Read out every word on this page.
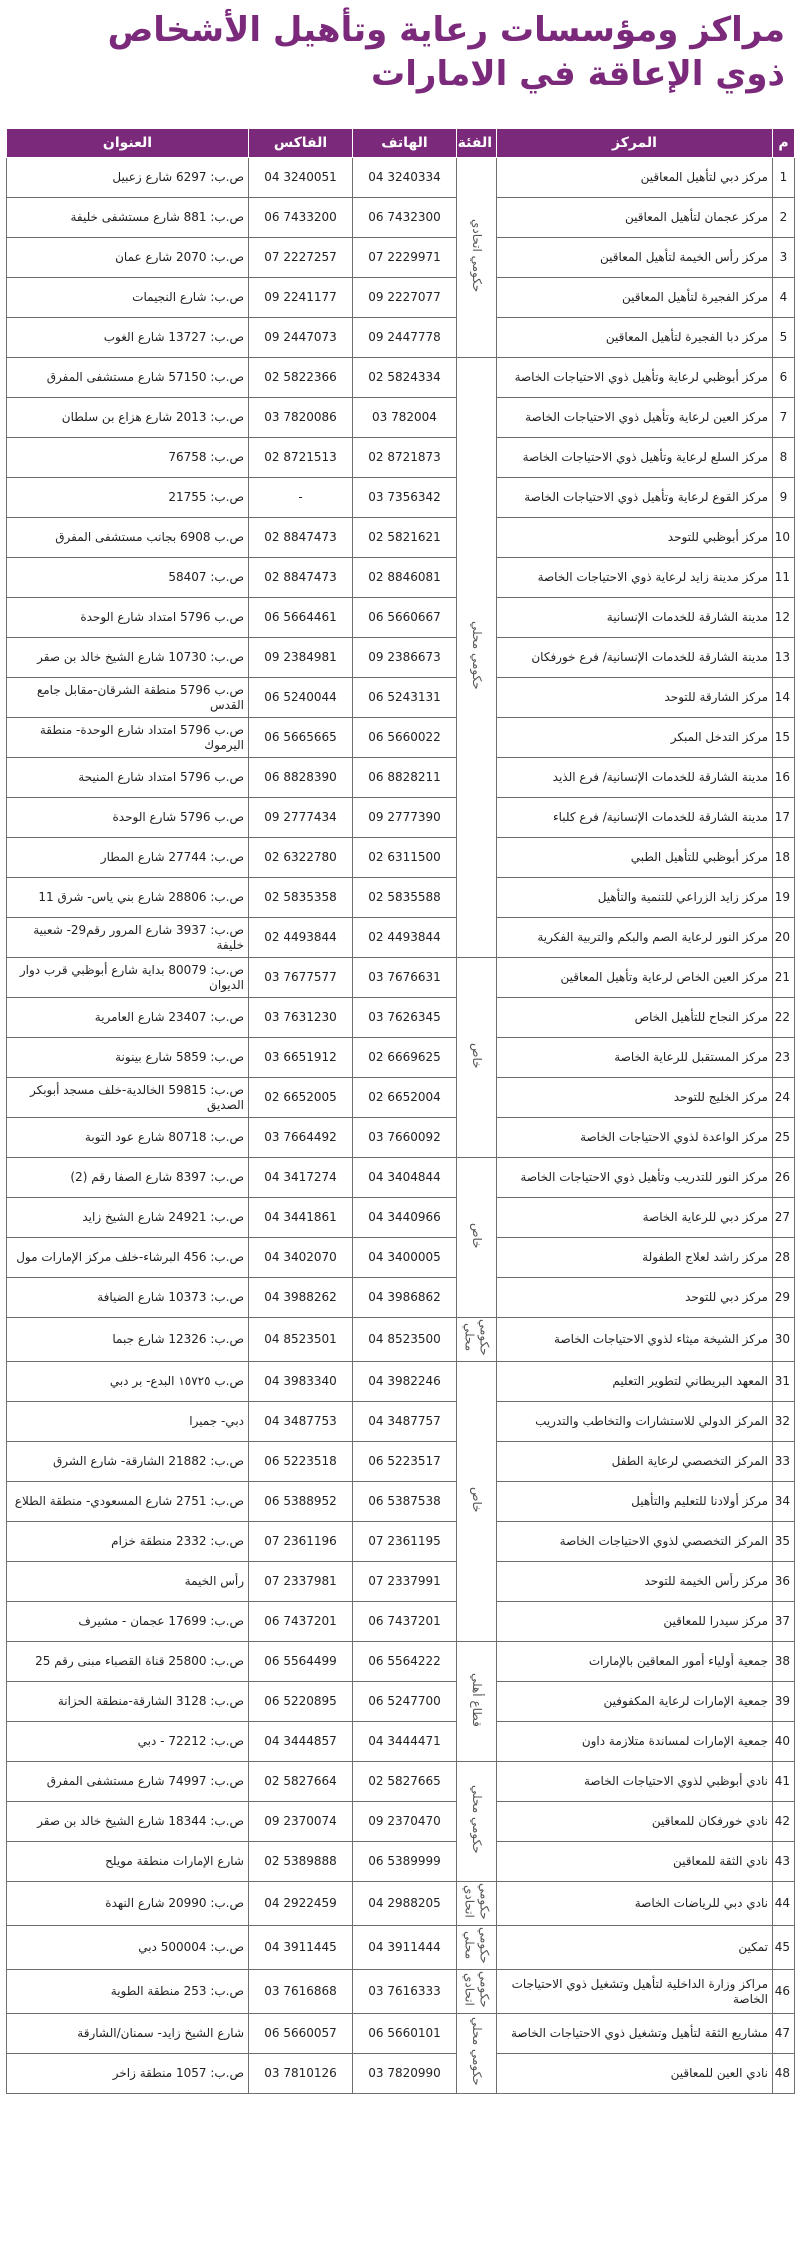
مراكز ومؤسسات رعاية وتأهيل الأشخاص
ذوي الإعاقة في الامارات
م	المركز	الفئة	الهاتف	الفاكس	العنوان
1	مركز دبي لتأهيل المعاقين	حكومي اتحادي	04 3240334	04 3240051	ص.ب: 6297 شارع زعبيل
2	مركز عجمان لتأهيل المعاقين		06 7432300	06 7433200	ص.ب: 881 شارع مستشفى خليفة
3	مركز رأس الخيمة لتأهيل المعاقين		07 2229971	07 2227257	ص.ب: 2070 شارع عمان
4	مركز الفجيرة لتأهيل المعاقين		09 2227077	09 2241177	ص.ب: شارع النجيمات
5	مركز دبا الفجيرة لتأهيل المعاقين		09 2447778	09 2447073	ص.ب: 13727 شارع الغوب
6	مركز أبوظبي لرعاية وتأهيل ذوي الاحتياجات الخاصة	حكومي محلي	02 5824334	02 5822366	ص.ب: 57150 شارع مستشفى المفرق
7	مركز العين لرعاية وتأهيل ذوي الاحتياجات الخاصة		03 782004	03 7820086	ص.ب: 2013 شارع هزاع بن سلطان
8	مركز السلع لرعاية وتأهيل ذوي الاحتياجات الخاصة		02 8721873	02 8721513	ص.ب: 76758
9	مركز القوع لرعاية وتأهيل ذوي الاحتياجات الخاصة		03 7356342	-	ص.ب: 21755
10	مركز أبوظبي للتوحد		02 5821621	02 8847473	ص.ب 6908 بجانب مستشفى المفرق
11	مركز مدينة زايد لرعاية ذوي الاحتياجات الخاصة		02 8846081	02 8847473	ص.ب: 58407
12	مدينة الشارقة للخدمات الإنسانية		06 5660667	06 5664461	ص.ب 5796 امتداد شارع الوحدة
13	مدينة الشارقة للخدمات الإنسانية/ فرع خورفكان		09 2386673	09 2384981	ص.ب: 10730 شارع الشيخ خالد بن صقر
14	مركز الشارقة للتوحد		06 5243131	06 5240044	ص.ب 5796 منطقة الشرقان-مقابل جامع القدس
15	مركز التدخل المبكر		06 5660022	06 5665665	ص.ب 5796 امتداد شارع الوحدة- منطقة اليرموك
16	مدينة الشارقة للخدمات الإنسانية/ فرع الذيد		06 8828211	06 8828390	ص.ب 5796 امتداد شارع المنيحة
17	مدينة الشارقة للخدمات الإنسانية/ فرع كلباء		09 2777390	09 2777434	ص.ب 5796 شارع الوحدة
18	مركز أبوظبي للتأهيل الطبي		02 6311500	02 6322780	ص.ب: 27744 شارع المطار
19	مركز زايد الزراعي للتنمية والتأهيل		02 5835588	02 5835358	ص.ب: 28806 شارع بني ياس- شرق 11
20	مركز النور لرعاية الصم والبكم والتربية الفكرية		02 4493844	02 4493844	ص.ب: 3937 شارع المرور رقم29- شعبية خليفة
21	مركز العين الخاص لرعاية وتأهيل المعاقين	خاص	03 7676631	03 7677577	ص.ب: 80079 بداية شارع أبوظبي قرب دوار الديوان
22	مركز النجاح للتأهيل الخاص		03 7626345	03 7631230	ص.ب: 23407 شارع العامرية
23	مركز المستقبل للرعاية الخاصة		02 6669625	03 6651912	ص.ب: 5859 شارع بينونة
24	مركز الخليج للتوحد		02 6652004	02 6652005	ص.ب: 59815 الخالدية-خلف مسجد أبوبكر الصديق
25	مركز الواعدة لذوي الاحتياجات الخاصة		03 7660092	03 7664492	ص.ب: 80718 شارع عود التوبة
26	مركز النور للتدريب وتأهيل ذوي الاحتياجات الخاصة	خاص	04 3404844	04 3417274	ص.ب: 8397 شارع الصفا رقم (2)
27	مركز دبي للرعاية الخاصة		04 3440966	04 3441861	ص.ب: 24921 شارع الشيخ زايد
28	مركز راشد لعلاج الطفولة		04 3400005	04 3402070	ص.ب: 456 البرشاء-خلف مركز الإمارات مول
29	مركز دبي للتوحد		04 3986862	04 3988262	ص.ب: 10373 شارع الضيافة
30	مركز الشيخة ميثاء لذوي الاحتياجات الخاصة	حكومي محلي	04 8523500	04 8523501	ص.ب: 12326 شارع جبما
31	المعهد البريطاني لتطوير التعليم	خاص	04 3982246	04 3983340	ص.ب ١٥٧٢٥ البدع- بر دبي
32	المركز الدولي للاستشارات والتخاطب والتدريب		04 3487757	04 3487753	دبي- جميرا
33	المركز التخصصي لرعاية الطفل		06 5223517	06 5223518	ص.ب: 21882 الشارقة- شارع الشرق
34	مركز أولادنا للتعليم والتأهيل		06 5387538	06 5388952	ص.ب: 2751 شارع المسعودي- منطقة الطلاع
35	المركز التخصصي لذوي الاحتياجات الخاصة		07 2361195	07 2361196	ص.ب: 2332 منطقة خزام
36	مركز رأس الخيمة للتوحد		07 2337991	07 2337981	رأس الخيمة
37	مركز سيدرا للمعاقين		06 7437201	06 7437201	ص.ب: 17699 عجمان - مشيرف
38	جمعية أولياء أمور المعاقين بالإمارات	قطاع أهلي	06 5564222	06 5564499	ص.ب: 25800 قناة القصباء مبنى رقم 25
39	جمعية الإمارات لرعاية المكفوفين		06 5247700	06 5220895	ص.ب: 3128 الشارقة-منطقة الحزانة
40	جمعية الإمارات لمساندة متلازمة داون		04 3444471	04 3444857	ص.ب: 72212 - دبي
41	نادي أبوظبي لذوي الاحتياجات الخاصة	حكومي محلي	02 5827665	02 5827664	ص.ب: 74997 شارع مستشفى المفرق
42	نادي خورفكان للمعاقين		09 2370470	09 2370074	ص.ب: 18344 شارع الشيخ خالد بن صقر
43	نادي الثقة للمعاقين		06 5389999	02 5389888	شارع الإمارات منطقة مويلح
44	نادي دبي للرياضات الخاصة	حكومي اتحادي	04 2988205	04 2922459	ص.ب: 20990 شارع النهدة
45	تمكين	حكومي محلي	04 3911444	04 3911445	ص.ب: 500004 دبي
46	مراكز وزارة الداخلية لتأهيل وتشغيل ذوي الاحتياجات الخاصة	حكومي اتحادي	03 7616333	03 7616868	ص.ب: 253 منطقة الطوية
47	مشاريع الثقة لتأهيل وتشغيل ذوي الاحتياجات الخاصة	حكومي محلي	06 5660101	06 5660057	شارع الشيخ زايد- سمنان/الشارقة
48	نادي العين للمعاقين		03 7820990	03 7810126	ص.ب: 1057 منطقة زاخر
